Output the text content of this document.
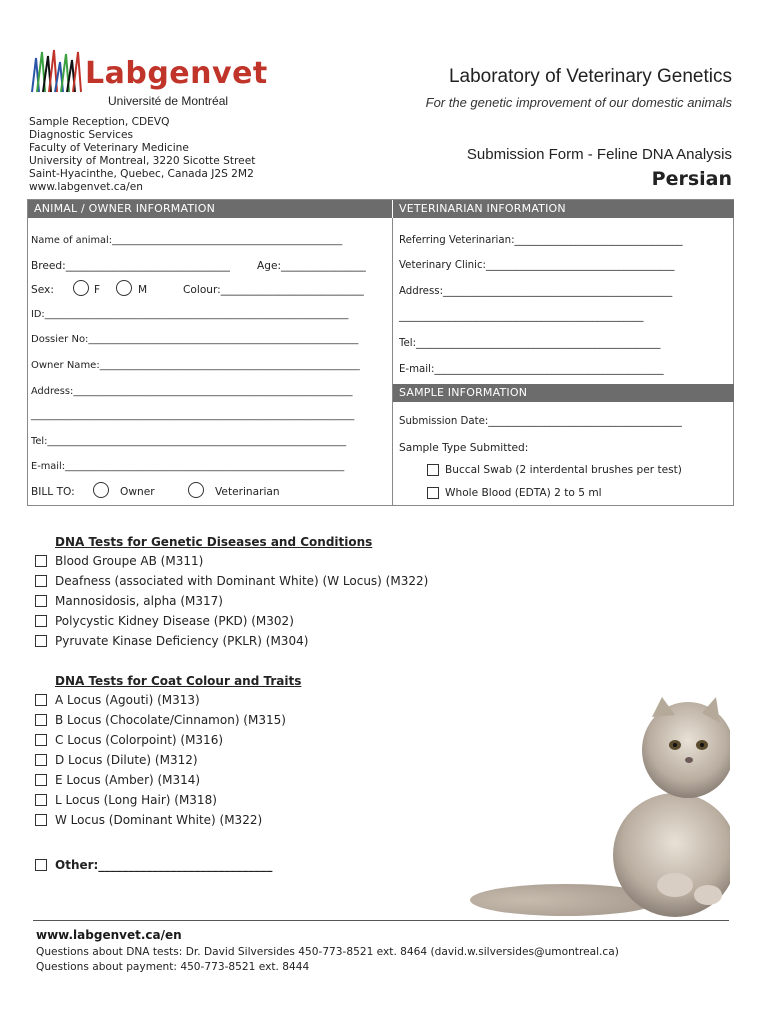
Labgenvet
Université de Montréal
Laboratory of Veterinary Genetics
For the genetic improvement of our domestic animals
Sample Reception, CDEVQ
Diagnostic Services
Faculty of Veterinary Medicine
University of Montreal, 3220 Sicotte Street
Saint-Hyacinthe, Quebec, Canada J2S 2M2
www.labgenvet.ca/en
Submission Form - Feline DNA Analysis
Persian
ANIMAL / OWNER INFORMATION	VETERINARIAN INFORMATION
Name of animal:_______________________________________________
Breed:_______________________________	Age:________________
Sex:	F	M	Colour:___________________________
ID:______________________________________________________________
Dossier No:______________________________________________________
Owner Name:____________________________________________________
Address:_________________________________________________________
__________________________________________________________________
Tel:_____________________________________________________________
E-mail:_________________________________________________________
BILL TO:	Owner	Veterinarian
Referring Veterinarian:_________________________________
Veterinary Clinic:_____________________________________
Address:_____________________________________________
________________________________________________
Tel:________________________________________________
E-mail:_____________________________________________
SAMPLE INFORMATION
Submission Date:______________________________________
Sample Type Submitted:
Buccal Swab (2 interdental brushes per test)
Whole Blood (EDTA) 2 to 5 ml
DNA Tests for Genetic Diseases and Conditions
Blood Groupe AB (M311)
Deafness (associated with Dominant White) (W Locus) (M322)
Mannosidosis, alpha (M317)
Polycystic Kidney Disease (PKD) (M302)
Pyruvate Kinase Deficiency (PKLR) (M304)
DNA Tests for Coat Colour and Traits
A Locus (Agouti) (M313)
B Locus (Chocolate/Cinnamon) (M315)
C Locus (Colorpoint) (M316)
D Locus (Dilute) (M312)
E Locus (Amber) (M314)
L Locus (Long Hair) (M318)
W Locus (Dominant White) (M322)
Other:_____________________________
www.labgenvet.ca/en
Questions about DNA tests: Dr. David Silversides 450-773-8521 ext. 8464 (david.w.silversides@umontreal.ca)
Questions about payment: 450-773-8521 ext. 8444
